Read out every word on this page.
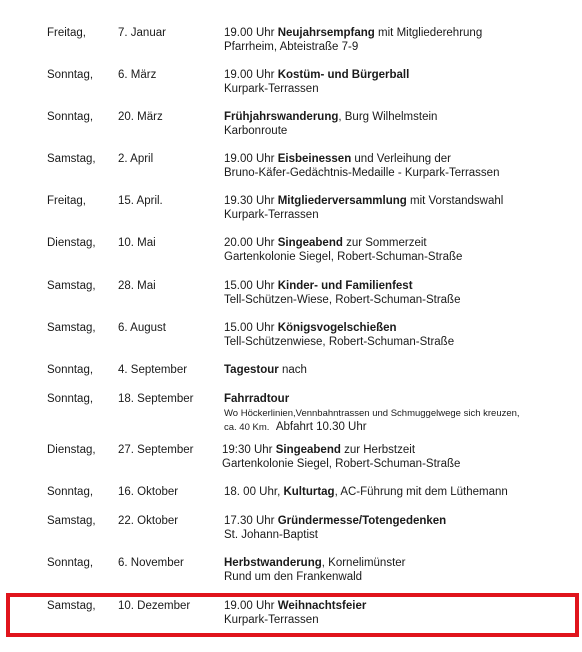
Freitag,	7. Januar	19.00 Uhr Neujahrsempfang mit Mitgliederehrung
Pfarrheim, Abteistraße 7-9
Sonntag, 6. März	19.00 Uhr Kostüm- und Bürgerball
Kurpark-Terrassen
Sonntag, 20. März	Frühjahrswanderung, Burg Wilhelmstein
Karbonroute
Samstag, 2. April	19.00 Uhr Eisbeinessen und Verleihung der
Bruno-Käfer-Gedächtnis-Medaille - Kurpark-Terrassen
Freitag,	15. April.	19.30 Uhr Mitgliederversammlung mit Vorstandswahl
Kurpark-Terrassen
Dienstag, 10. Mai	20.00 Uhr Singeabend zur Sommerzeit
Gartenkolonie Siegel, Robert-Schuman-Straße
Samstag, 28. Mai	15.00 Uhr Kinder- und Familienfest
Tell-Schützen-Wiese, Robert-Schuman-Straße
Samstag, 6. August	15.00 Uhr Königsvogelschießen
Tell-Schützenwiese, Robert-Schuman-Straße
Sonntag, 4. September	Tagestour nach
Sonntag, 18. September	Fahrradtour
Wo Höckerlinien,Vennbahntrassen und Schmuggelwege sich kreuzen,
ca. 40 Km. Abfahrt 10.30 Uhr
Dienstag, 27. September 19:30 Uhr Singeabend zur Herbstzeit
Gartenkolonie Siegel, Robert-Schuman-Straße
Sonntag, 16. Oktober	18. 00 Uhr, Kulturtag, AC-Führung mit dem Lüthemann
Samstag, 22. Oktober	17.30 Uhr Gründermesse/Totengedenken
St. Johann-Baptist
Sonntag, 6. November	Herbstwanderung, Kornelimünster
Rund um den Frankenwald
Samstag, 10. Dezember	19.00 Uhr Weihnachtsfeier
Kurpark-Terrassen
